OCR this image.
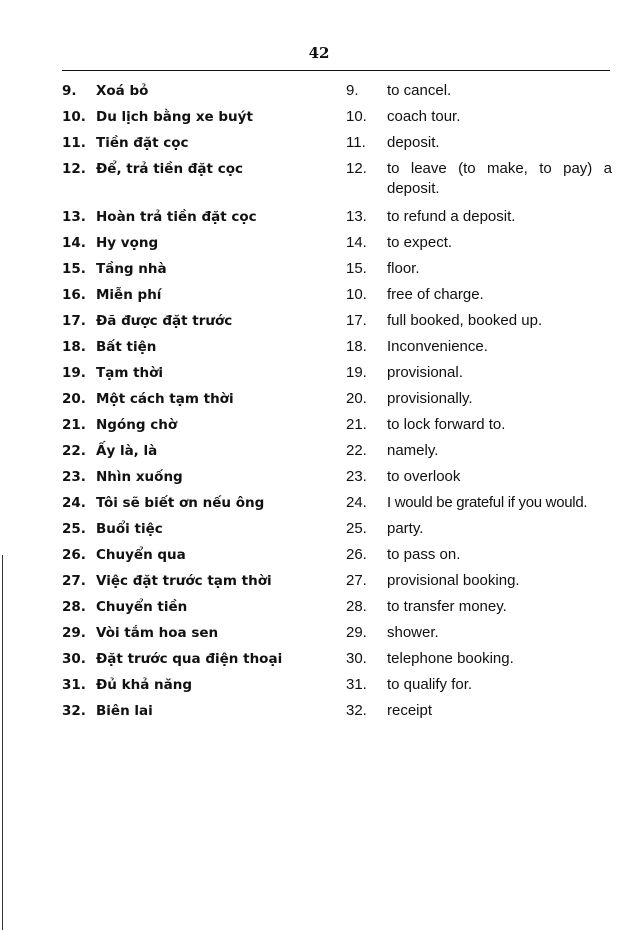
42
9.	Xoá bỏ	9.	to cancel.
10. Du lịch bằng xe buýt	10.	coach tour.
11. Tiền đặt cọc	11.	deposit.
12. Để, trả tiền đặt cọc	12.	to leave (to make, to pay) a deposit.
13. Hoàn trả tiền đặt cọc	13.	to refund a deposit.
14. Hy vọng	14.	to expect.
15. Tầng nhà	15.	floor.
16. Miễn phí	10.	free of charge.
17. Đã được đặt trước	17.	full booked, booked up.
18. Bất tiện	18.	Inconvenience.
19. Tạm thời	19.	provisional.
20. Một cách tạm thời	20.	provisionally.
21. Ngóng chờ	21.	to lock forward to.
22. Ấy là, là	22.	namely.
23. Nhìn xuống	23.	to overlook
24. Tôi sẽ biết ơn nếu ông	24.	I would be grateful if you would.
25. Buổi tiệc	25.	party.
26. Chuyển qua	26.	to pass on.
27. Việc đặt trước tạm thời	27.	provisional booking.
28. Chuyển tiền	28.	to transfer money.
29. Vòi tắm hoa sen	29.	shower.
30. Đặt trước qua điện thoại	30.	telephone booking.
31. Đủ khả năng	31.	to qualify for.
32. Biên lai	32.	receipt
